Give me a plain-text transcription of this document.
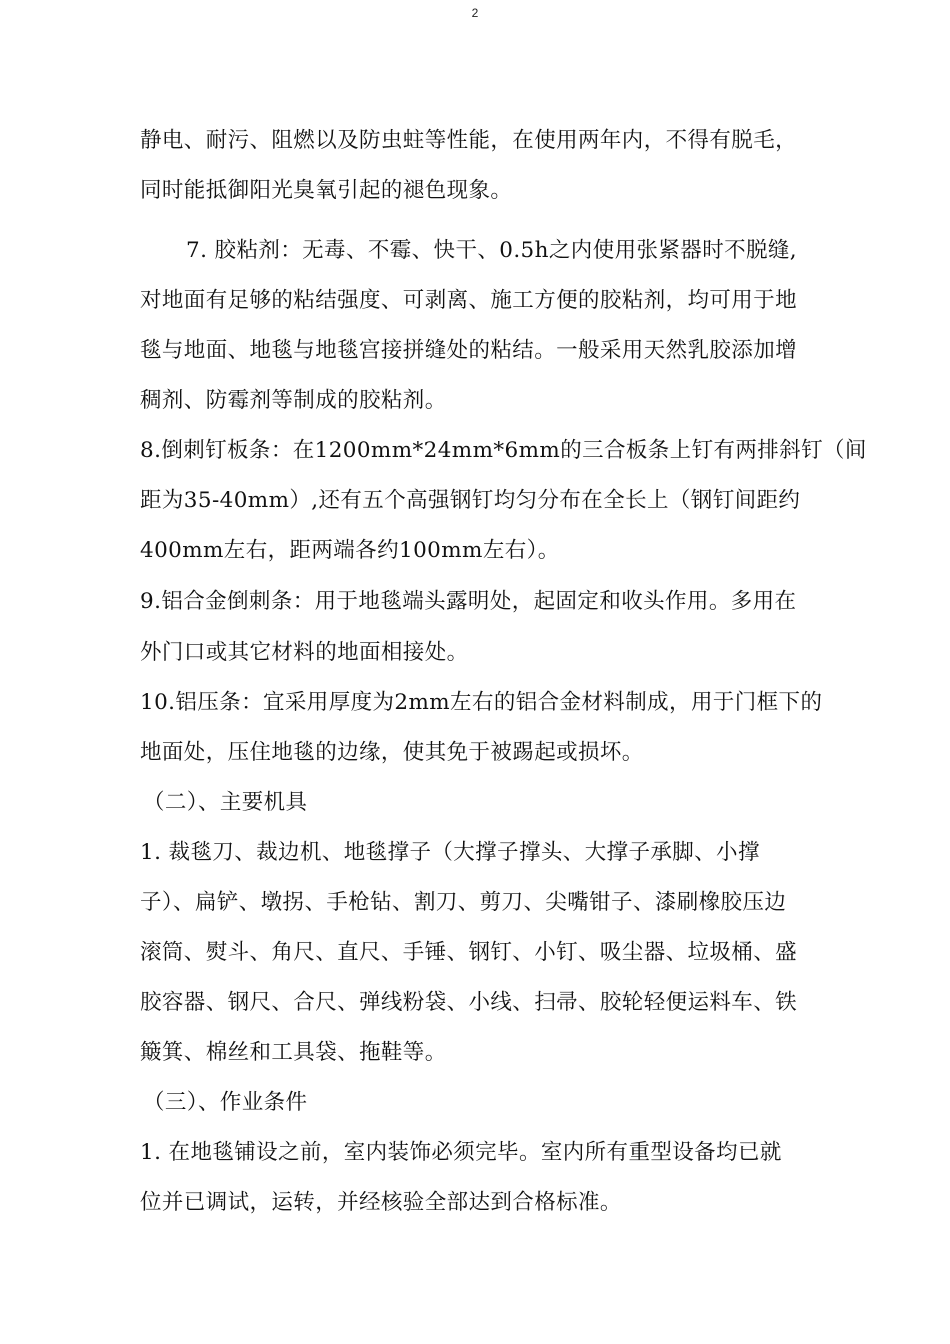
2
静电、耐污、阻燃以及防虫蛀等性能，在使用两年内，不得有脱毛，
同时能抵御阳光臭氧引起的褪色现象。
7. 胶粘剂：无毒、不霉、快干、0.5h之内使用张紧器时不脱缝,
对地面有足够的粘结强度、可剥离、施工方便的胶粘剂，均可用于地
毯与地面、地毯与地毯宫接拼缝处的粘结。一般采用天然乳胶添加增
稠剂、防霉剂等制成的胶粘剂。
8.倒刺钉板条：在1200mm*24mm*6mm的三合板条上钉有两排斜钉（间
距为35-40mm）,还有五个高强钢钉均匀分布在全长上（钢钉间距约
400mm左右，距两端各约100mm左右）。
9.铝合金倒刺条：用于地毯端头露明处，起固定和收头作用。多用在
外门口或其它材料的地面相接处。
10.铝压条：宜采用厚度为2mm左右的铝合金材料制成，用于门框下的
地面处，压住地毯的边缘，使其免于被踢起或损坏。
（二）、主要机具
1. 裁毯刀、裁边机、地毯撑子（大撑子撑头、大撑子承脚、小撑
子）、扁铲、墩拐、手枪钻、割刀、剪刀、尖嘴钳子、漆刷橡胶压边
滚筒、熨斗、角尺、直尺、手锤、钢钉、小钉、吸尘器、垃圾桶、盛
胶容器、钢尺、合尺、弹线粉袋、小线、扫帚、胶轮轻便运料车、铁
簸箕、棉丝和工具袋、拖鞋等。
（三）、作业条件
1. 在地毯铺设之前，室内装饰必须完毕。室内所有重型设备均已就
位并已调试，运转，并经核验全部达到合格标准。
